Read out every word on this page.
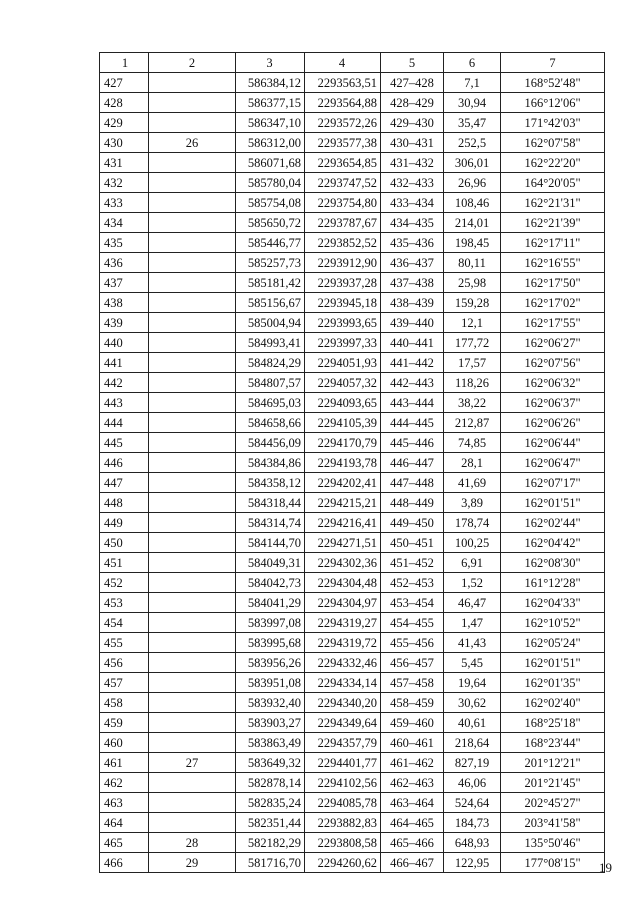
1	2	3	4	5	6	7
427		586384,12	2293563,51	427–428	7,1	168°52'48"
428		586377,15	2293564,88	428–429	30,94	166°12'06"
429		586347,10	2293572,26	429–430	35,47	171°42'03"
430	26	586312,00	2293577,38	430–431	252,5	162°07'58"
431		586071,68	2293654,85	431–432	306,01	162°22'20"
432		585780,04	2293747,52	432–433	26,96	164°20'05"
433		585754,08	2293754,80	433–434	108,46	162°21'31"
434		585650,72	2293787,67	434–435	214,01	162°21'39"
435		585446,77	2293852,52	435–436	198,45	162°17'11"
436		585257,73	2293912,90	436–437	80,11	162°16'55"
437		585181,42	2293937,28	437–438	25,98	162°17'50"
438		585156,67	2293945,18	438–439	159,28	162°17'02"
439		585004,94	2293993,65	439–440	12,1	162°17'55"
440		584993,41	2293997,33	440–441	177,72	162°06'27"
441		584824,29	2294051,93	441–442	17,57	162°07'56"
442		584807,57	2294057,32	442–443	118,26	162°06'32"
443		584695,03	2294093,65	443–444	38,22	162°06'37"
444		584658,66	2294105,39	444–445	212,87	162°06'26"
445		584456,09	2294170,79	445–446	74,85	162°06'44"
446		584384,86	2294193,78	446–447	28,1	162°06'47"
447		584358,12	2294202,41	447–448	41,69	162°07'17"
448		584318,44	2294215,21	448–449	3,89	162°01'51"
449		584314,74	2294216,41	449–450	178,74	162°02'44"
450		584144,70	2294271,51	450–451	100,25	162°04'42"
451		584049,31	2294302,36	451–452	6,91	162°08'30"
452		584042,73	2294304,48	452–453	1,52	161°12'28"
453		584041,29	2294304,97	453–454	46,47	162°04'33"
454		583997,08	2294319,27	454–455	1,47	162°10'52"
455		583995,68	2294319,72	455–456	41,43	162°05'24"
456		583956,26	2294332,46	456–457	5,45	162°01'51"
457		583951,08	2294334,14	457–458	19,64	162°01'35"
458		583932,40	2294340,20	458–459	30,62	162°02'40"
459		583903,27	2294349,64	459–460	40,61	168°25'18"
460		583863,49	2294357,79	460–461	218,64	168°23'44"
461	27	583649,32	2294401,77	461–462	827,19	201°12'21"
462		582878,14	2294102,56	462–463	46,06	201°21'45"
463		582835,24	2294085,78	463–464	524,64	202°45'27"
464		582351,44	2293882,83	464–465	184,73	203°41'58"
465	28	582182,29	2293808,58	465–466	648,93	135°50'46"
466	29	581716,70	2294260,62	466–467	122,95	177°08'15" 19
